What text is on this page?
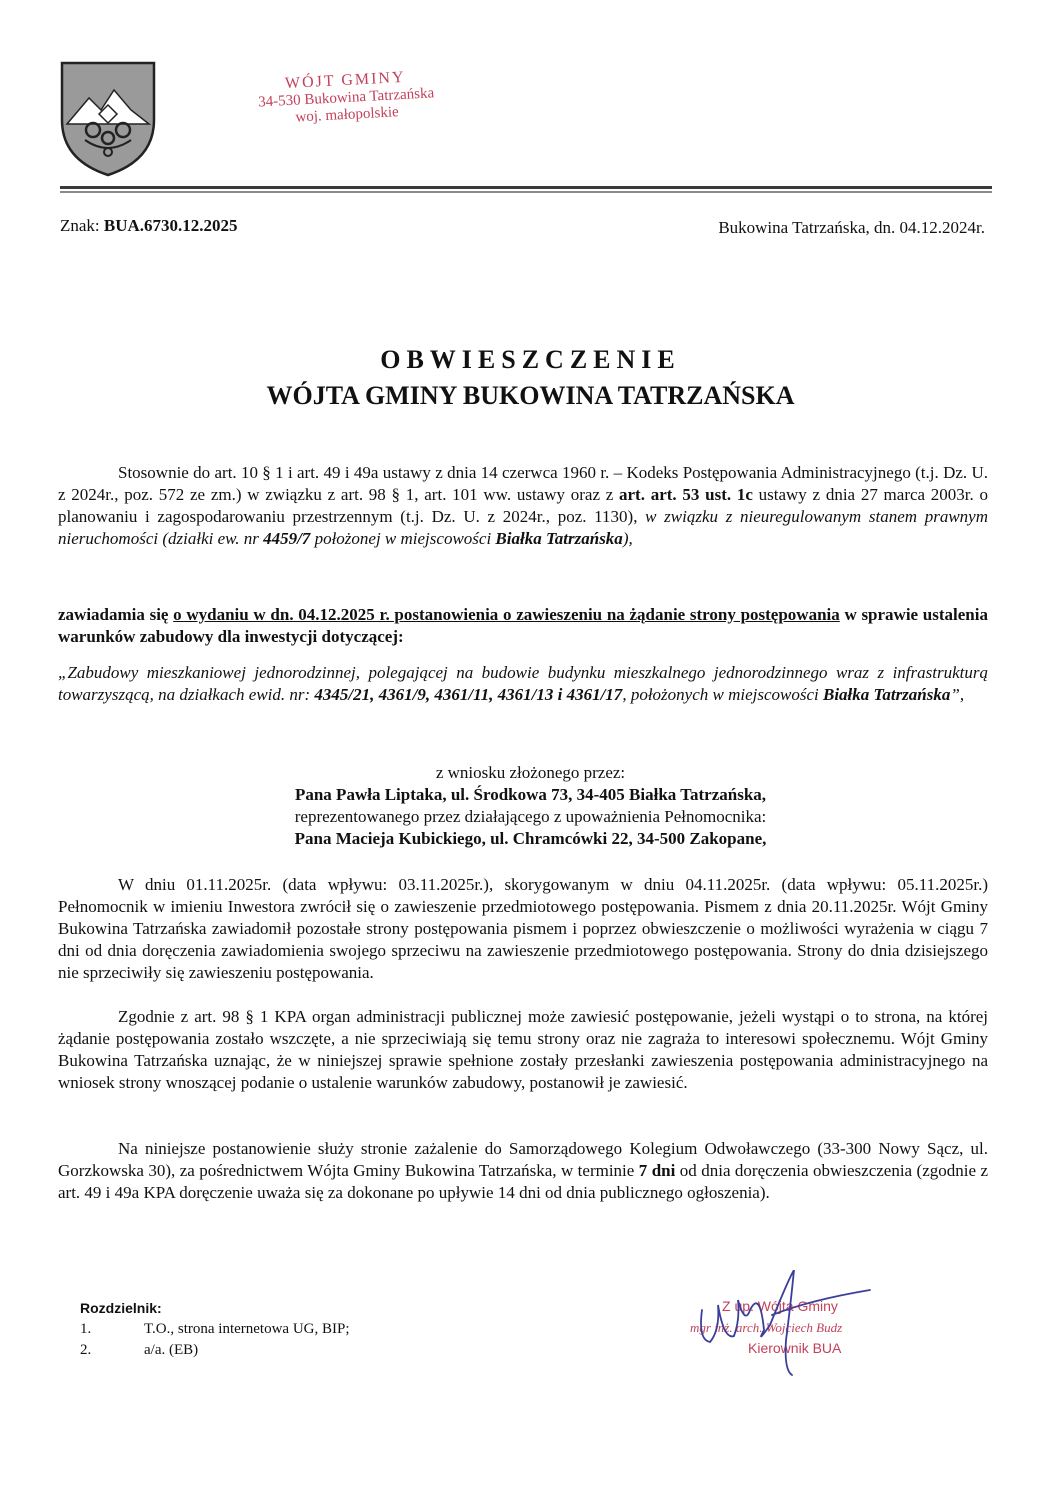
WÓJT GMINY
34-530 Bukowina Tatrzańska
woj. małopolskie
Znak: BUA.6730.12.2025	Bukowina Tatrzańska, dn. 04.12.2024r.
OBWIESZCZENIE
WÓJTA GMINY BUKOWINA TATRZAŃSKA
Stosownie do art. 10 § 1 i art. 49 i 49a ustawy z dnia 14 czerwca 1960 r. – Kodeks Postępowania Administracyjnego (t.j. Dz. U. z 2024r., poz. 572 ze zm.) w związku z art. 98 § 1, art. 101 ww. ustawy oraz z art. art. 53 ust. 1c ustawy z dnia 27 marca 2003r. o planowaniu i zagospodarowaniu przestrzennym (t.j. Dz. U. z 2024r., poz. 1130), w związku z nieuregulowanym stanem prawnym nieruchomości (działki ew. nr 4459/7 położonej w miejscowości Białka Tatrzańska),
zawiadamia się o wydaniu w dn. 04.12.2025 r. postanowienia o zawieszeniu na żądanie strony postępowania w sprawie ustalenia warunków zabudowy dla inwestycji dotyczącej:
„Zabudowy mieszkaniowej jednorodzinnej, polegającej na budowie budynku mieszkalnego jednorodzinnego wraz z infrastrukturą towarzyszącą, na działkach ewid. nr: 4345/21, 4361/9, 4361/11, 4361/13 i 4361/17, położonych w miejscowości Białka Tatrzańska”,
z wniosku złożonego przez:
Pana Pawła Liptaka, ul. Środkowa 73, 34-405 Białka Tatrzańska,
reprezentowanego przez działającego z upoważnienia Pełnomocnika:
Pana Macieja Kubickiego, ul. Chramcówki 22, 34-500 Zakopane,
W dniu 01.11.2025r. (data wpływu: 03.11.2025r.), skorygowanym w dniu 04.11.2025r. (data wpływu: 05.11.2025r.) Pełnomocnik w imieniu Inwestora zwrócił się o zawieszenie przedmiotowego postępowania. Pismem z dnia 20.11.2025r. Wójt Gminy Bukowina Tatrzańska zawiadomił pozostałe strony postępowania pismem i poprzez obwieszczenie o możliwości wyrażenia w ciągu 7 dni od dnia doręczenia zawiadomienia swojego sprzeciwu na zawieszenie przedmiotowego postępowania. Strony do dnia dzisiejszego nie sprzeciwiły się zawieszeniu postępowania.
Zgodnie z art. 98 § 1 KPA organ administracji publicznej może zawiesić postępowanie, jeżeli wystąpi o to strona, na której żądanie postępowania zostało wszczęte, a nie sprzeciwiają się temu strony oraz nie zagraża to interesowi społecznemu. Wójt Gminy Bukowina Tatrzańska uznając, że w niniejszej sprawie spełnione zostały przesłanki zawieszenia postępowania administracyjnego na wniosek strony wnoszącej podanie o ustalenie warunków zabudowy, postanowił je zawiesić.
Na niniejsze postanowienie służy stronie zażalenie do Samorządowego Kolegium Odwoławczego (33-300 Nowy Sącz, ul. Gorzkowska 30), za pośrednictwem Wójta Gminy Bukowina Tatrzańska, w terminie 7 dni od dnia doręczenia obwieszczenia (zgodnie z art. 49 i 49a KPA doręczenie uważa się za dokonane po upływie 14 dni od dnia publicznego ogłoszenia).
Rozdzielnik:
1.	T.O., strona internetowa UG, BIP;
2.	a/a. (EB)
Z up. Wójta Gminy
mgr inż. arch. Wojciech Budz
Kierownik BUA
